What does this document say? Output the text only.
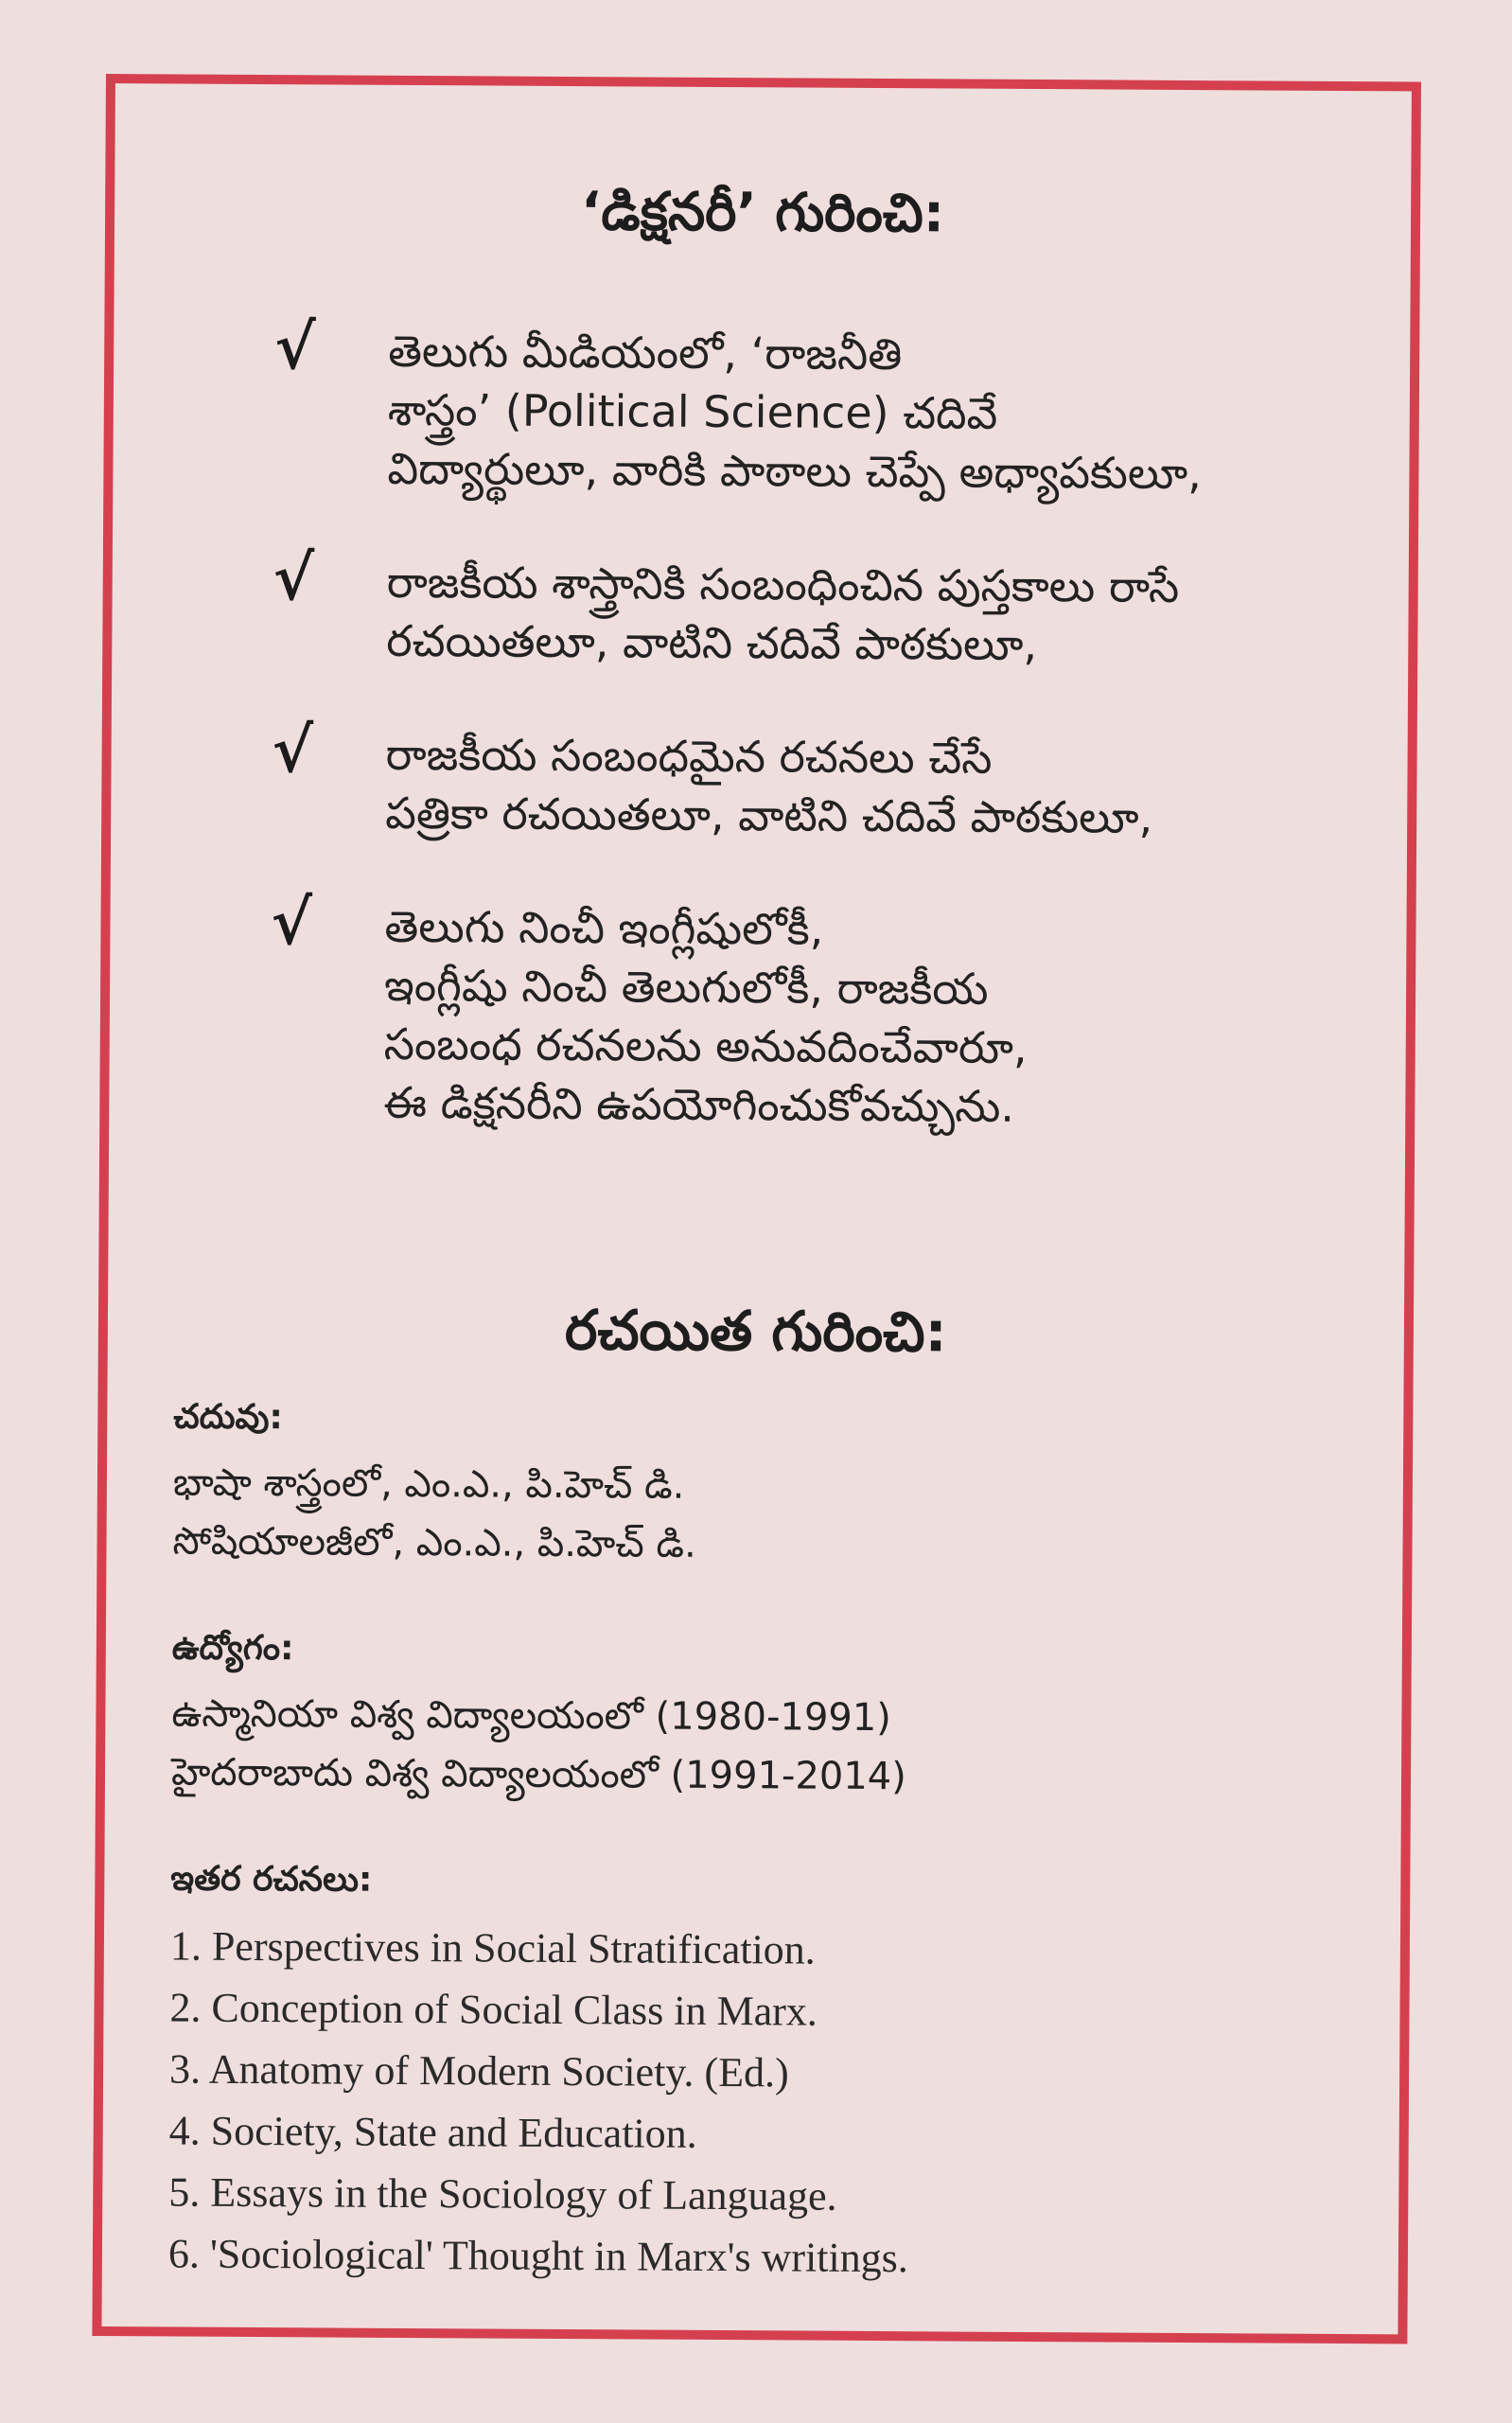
‘డిక్షనరీ’ గురించి:
√ తెలుగు మీడియంలో, ‘రాజనీతి
శాస్త్రం’ (Political Science) చదివే
విద్యార్థులూ, వారికి పాఠాలు చెప్పే అధ్యాపకులూ,
√ రాజకీయ శాస్త్రానికి సంబంధించిన పుస్తకాలు రాసే
రచయితలూ, వాటిని చదివే పాఠకులూ,
√ రాజకీయ సంబంధమైన రచనలు చేసే
పత్రికా రచయితలూ, వాటిని చదివే పాఠకులూ,
√ తెలుగు నించీ ఇంగ్లీషులోకీ,
ఇంగ్లీషు నించీ తెలుగులోకీ, రాజకీయ
సంబంధ రచనలను అనువదించేవారూ,
ఈ డిక్షనరీని ఉపయోగించుకోవచ్చును.
రచయిత గురించి:
చదువు:
భాషా శాస్త్రంలో, ఎం.ఎ., పి.హెచ్ డి.
సోషియాలజీలో, ఎం.ఎ., పి.హెచ్ డి.
ఉద్యోగం:
ఉస్మానియా విశ్వ విద్యాలయంలో (1980-1991)
హైదరాబాదు విశ్వ విద్యాలయంలో (1991-2014)
ఇతర రచనలు:
1. Perspectives in Social Stratification.
2. Conception of Social Class in Marx.
3. Anatomy of Modern Society. (Ed.)
4. Society, State and Education.
5. Essays in the Sociology of Language.
6. 'Sociological' Thought in Marx's writings.
